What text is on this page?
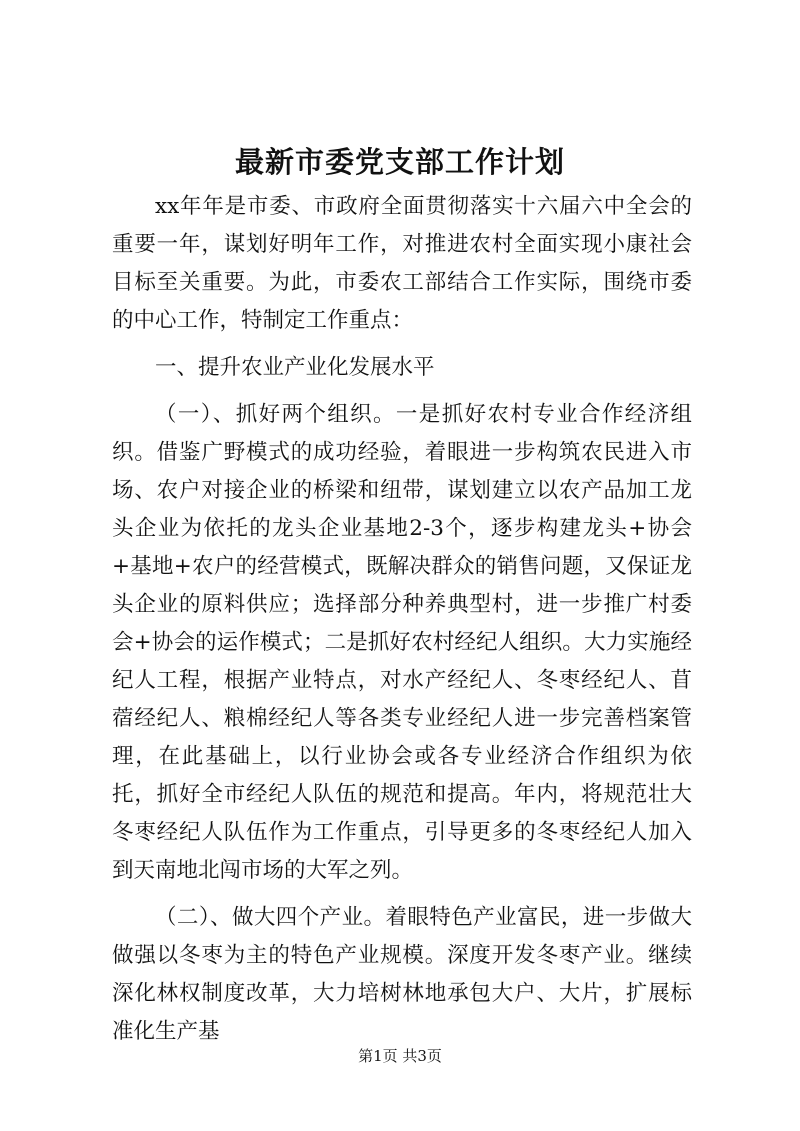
最新市委党支部工作计划

xx年年是市委、市政府全面贯彻落实十六届六中全会的重要一年，谋划好明年工作，对推进农村全面实现小康社会目标至关重要。为此，市委农工部结合工作实际，围绕市委的中心工作，特制定工作重点：

一、提升农业产业化发展水平

（一）、抓好两个组织。一是抓好农村专业合作经济组织。借鉴广野模式的成功经验，着眼进一步构筑农民进入市场、农户对接企业的桥梁和纽带，谋划建立以农产品加工龙头企业为依托的龙头企业基地2-3个，逐步构建龙头+协会+基地+农户的经营模式，既解决群众的销售问题，又保证龙头企业的原料供应；选择部分种养典型村，进一步推广村委会+协会的运作模式；二是抓好农村经纪人组织。大力实施经纪人工程，根据产业特点，对水产经纪人、冬枣经纪人、苜蓿经纪人、粮棉经纪人等各类专业经纪人进一步完善档案管理，在此基础上，以行业协会或各专业经济合作组织为依托，抓好全市经纪人队伍的规范和提高。年内，将规范壮大冬枣经纪人队伍作为工作重点，引导更多的冬枣经纪人加入到天南地北闯市场的大军之列。

（二）、做大四个产业。着眼特色产业富民，进一步做大做强以冬枣为主的特色产业规模。深度开发冬枣产业。继续深化林权制度改革，大力培树林地承包大户、大片，扩展标准化生产基

第1页 共3页
